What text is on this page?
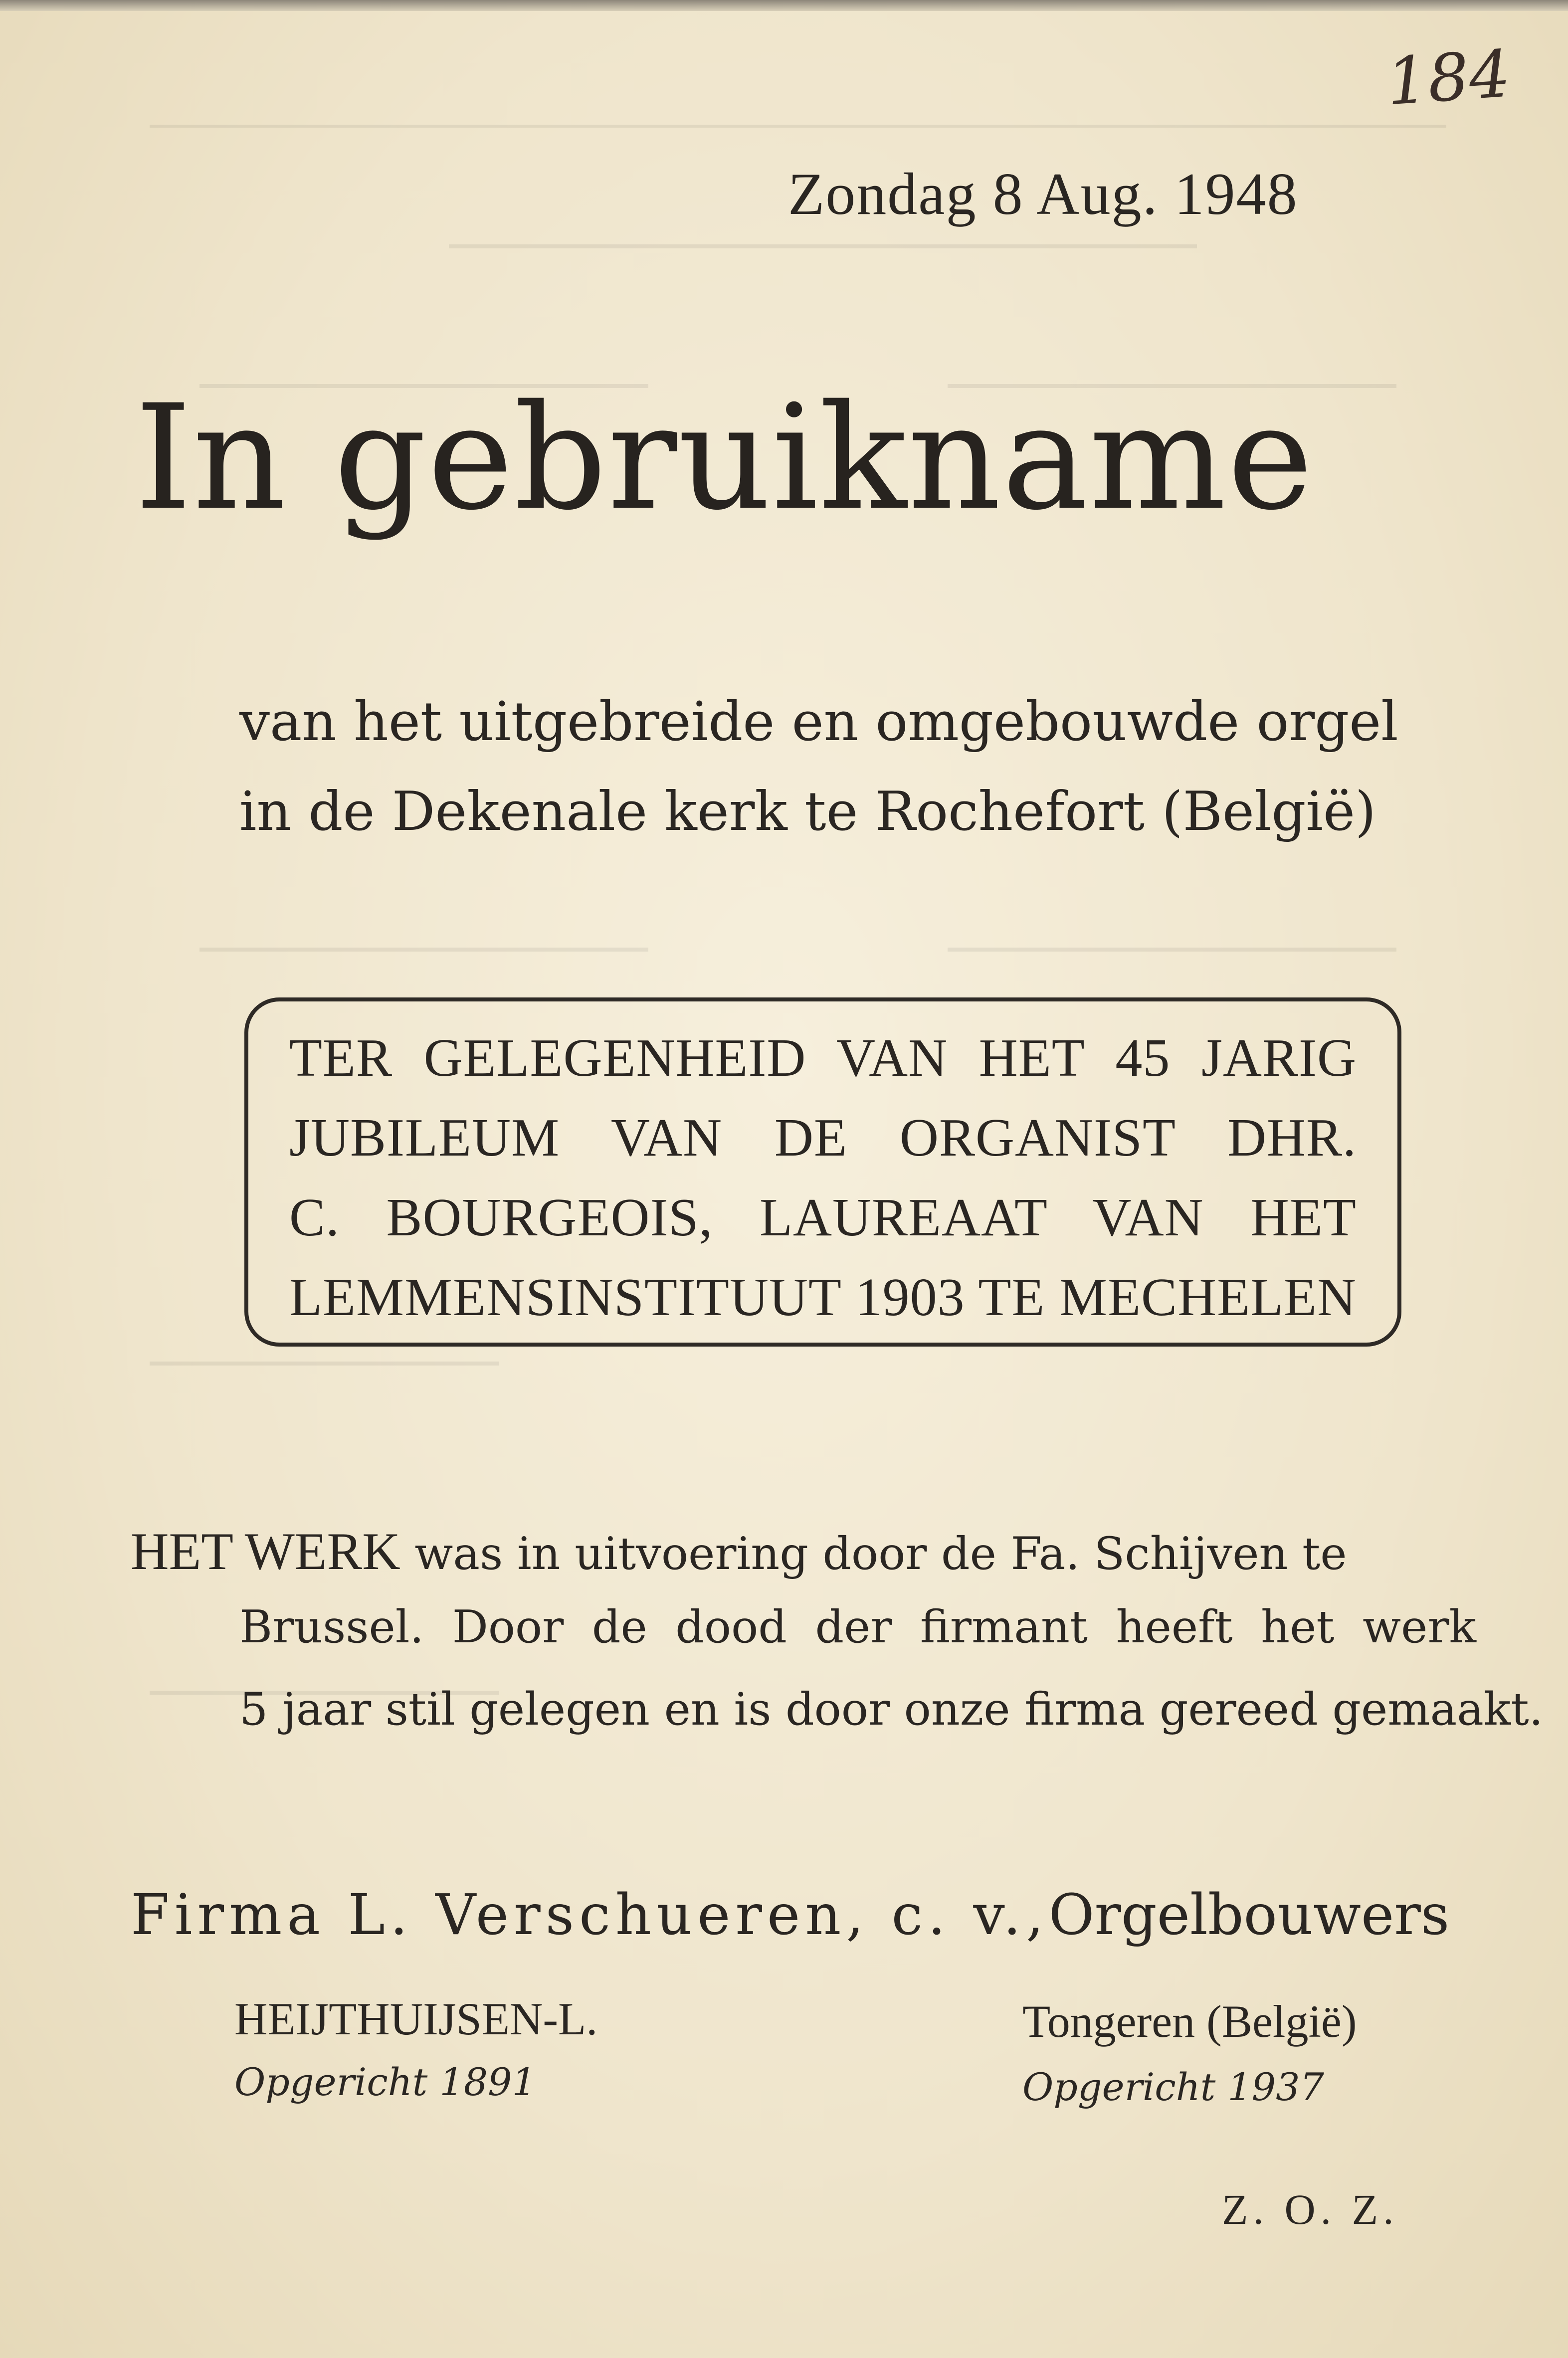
184
Zondag 8 Aug. 1948
In gebruikname
van het uitgebreide en omgebouwde orgel
in de Dekenale kerk te Rochefort (België)
TER GELEGENHEID VAN HET 45 JARIG
JUBILEUM VAN DE ORGANIST DHR.
C. BOURGEOIS, LAUREAAT VAN HET
LEMMENSINSTITUUT 1903 TE MECHELEN
HET WERK was in uitvoering door de Fa. Schijven te
Brussel. Door de dood der firmant heeft het werk
5 jaar stil gelegen en is door onze firma gereed gemaakt.
Firma L. Verschueren, c. v., Orgelbouwers
HEIJTHUIJSEN-L.
Opgericht 1891
Tongeren (België)
Opgericht 1937
Z. O. Z.
